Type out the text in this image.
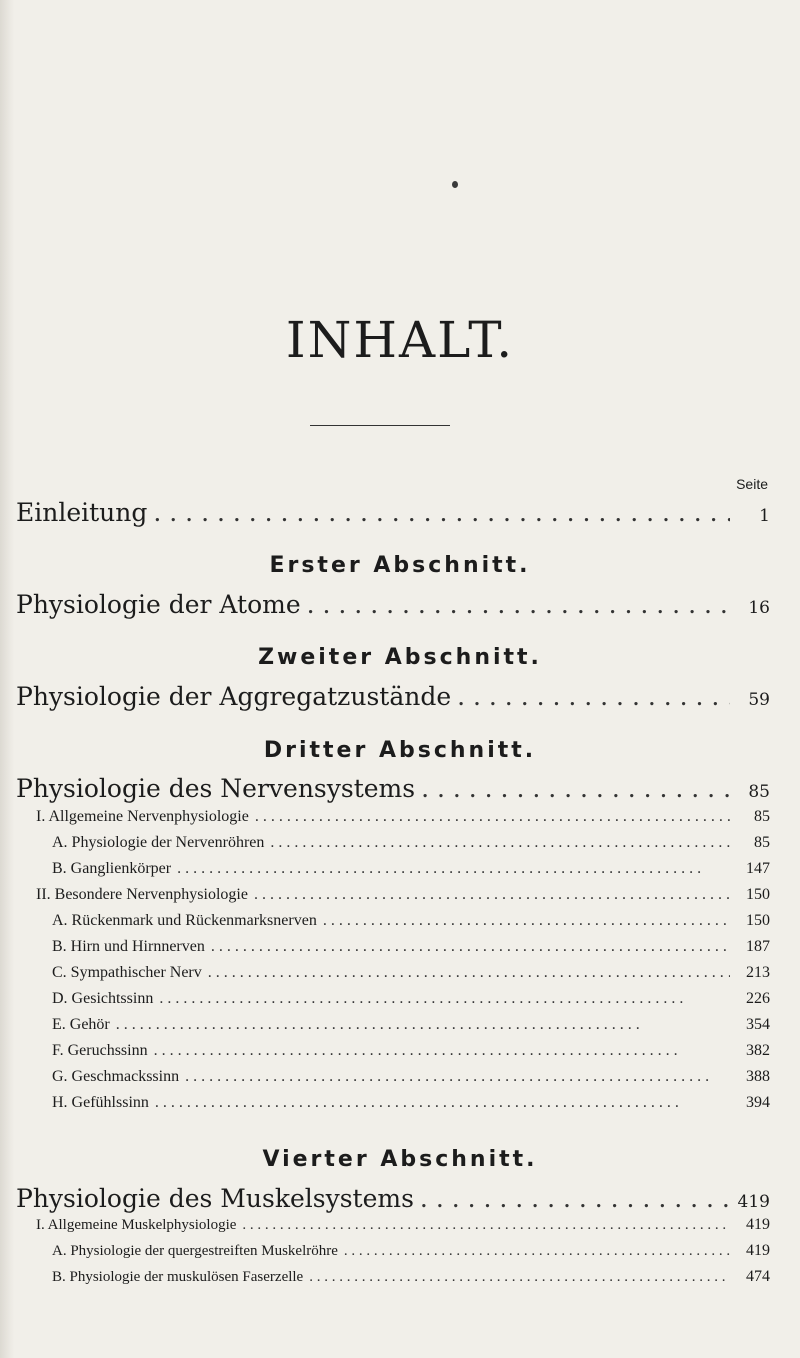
INHALT.
Seite
Einleitung . . .	1
Erster Abschnitt.
Physiologie der Atome . . .	16
Zweiter Abschnitt.
Physiologie der Aggregatzustände . . .	59
Dritter Abschnitt.
Physiologie des Nervensystems . . .	85
I. Allgemeine Nervenphysiologie . . .	85
A. Physiologie der Nervenröhren . . .	85
B. Ganglienkörper . . .	147
II. Besondere Nervenphysiologie . . .	150
A. Rückenmark und Rückenmarksnerven . . .	150
B. Hirn und Hirnnerven . . .	187
C. Sympathischer Nerv . . .	213
D. Gesichtssinn . . .	226
E. Gehör . . .	354
F. Geruchssinn . . .	382
G. Geschmackssinn . . .	388
H. Gefühlssinn . . .	394
Vierter Abschnitt.
Physiologie des Muskelsystems . . .	419
I. Allgemeine Muskelphysiologie . . .	419
A. Physiologie der quergestreiften Muskelröhre . . .	419
B. Physiologie der muskulösen Faserzelle . . .	474
